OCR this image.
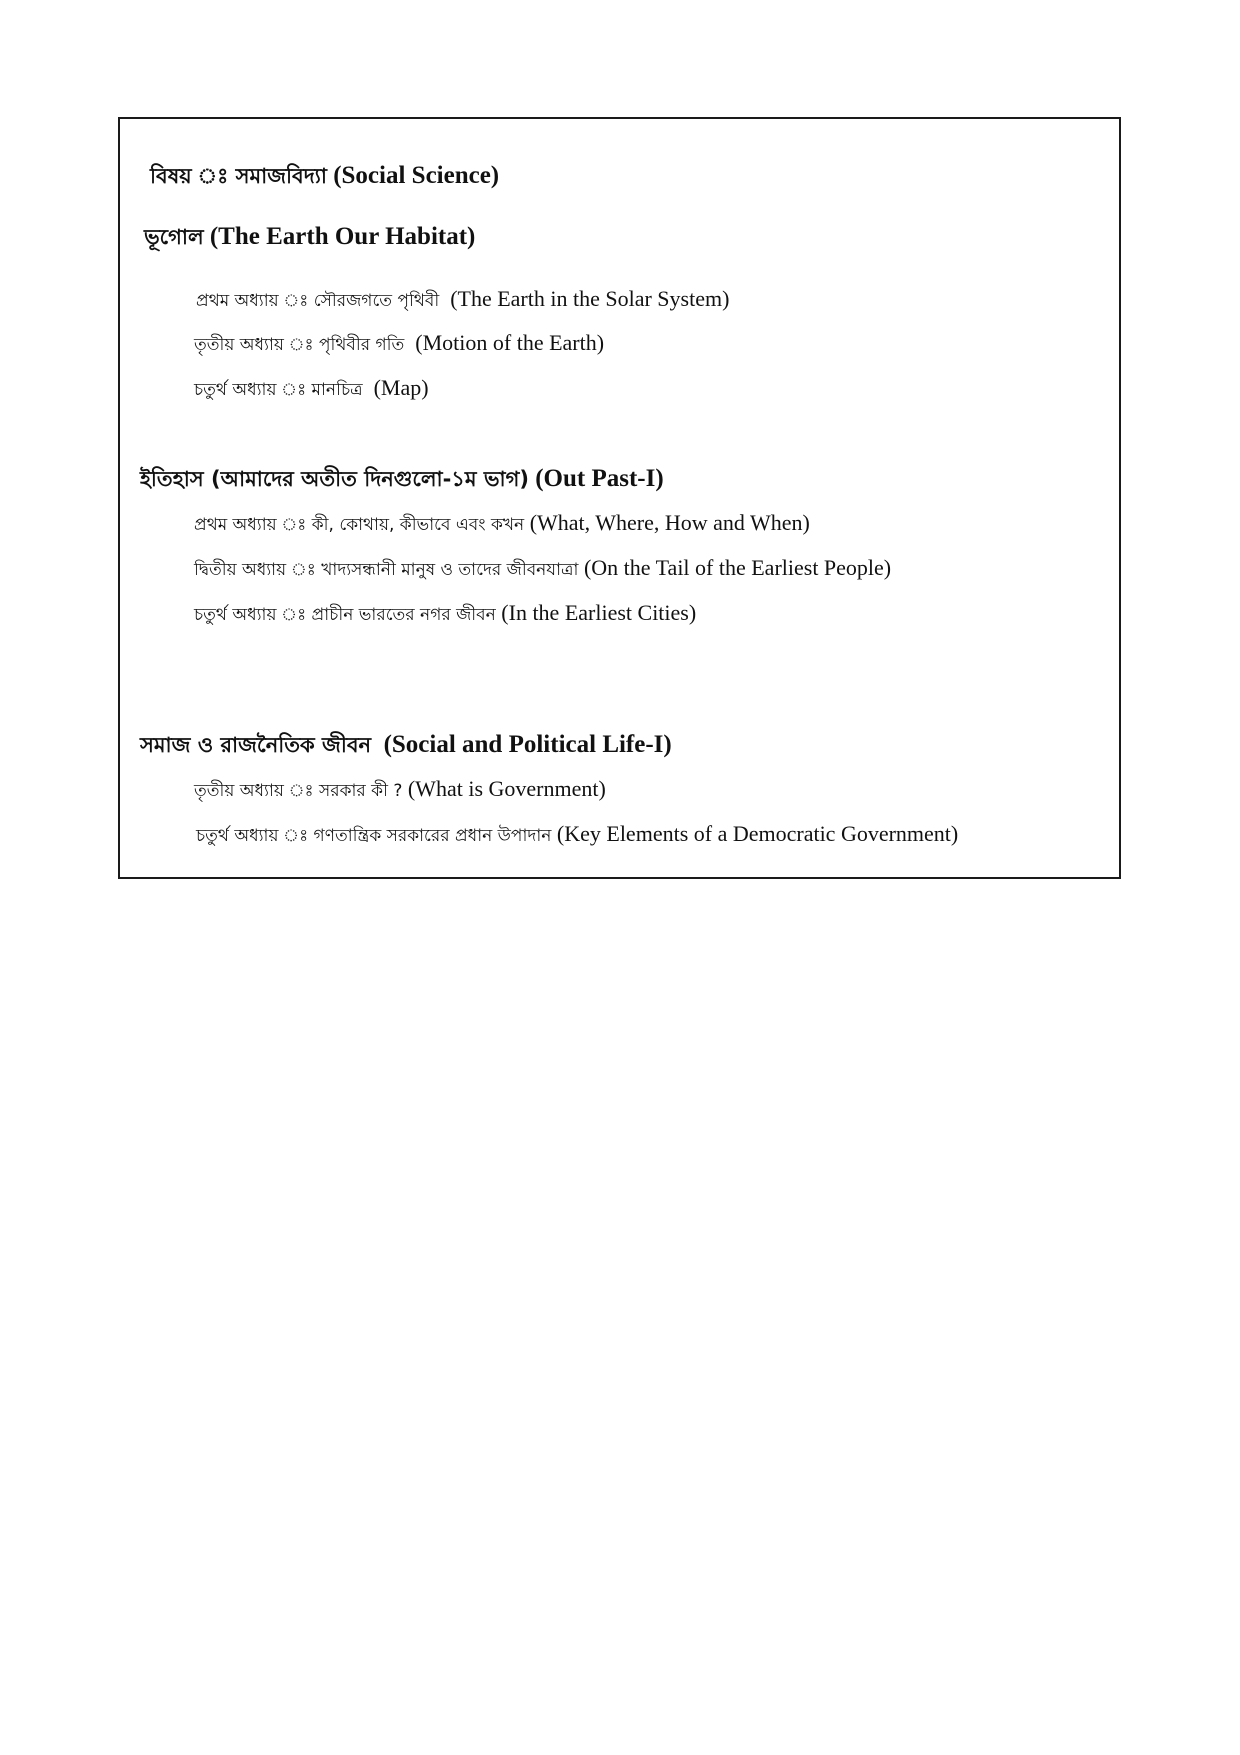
বিষয় ঃ সমাজবিদ্যা (Social Science)
ভূগোল (The Earth Our Habitat)
প্রথম অধ্যায় ঃ সৌরজগতে পৃথিবী (The Earth in the Solar System)
তৃতীয় অধ্যায় ঃ পৃথিবীর গতি (Motion of the Earth)
চতুর্থ অধ্যায় ঃ মানচিত্র (Map)
ইতিহাস (আমাদের অতীত দিনগুলো-১ম ভাগ) (Out Past-I)
প্রথম অধ্যায় ঃ কী, কোথায়, কীভাবে এবং কখন (What, Where, How and When)
দ্বিতীয় অধ্যায় ঃ খাদ্যসন্ধানী মানুষ ও তাদের জীবনযাত্রা (On the Tail of the Earliest People)
চতুর্থ অধ্যায় ঃ প্রাচীন ভারতের নগর জীবন (In the Earliest Cities)
সমাজ ও রাজনৈতিক জীবন (Social and Political Life-I)
তৃতীয় অধ্যায় ঃ সরকার কী ? (What is Government)
চতুর্থ অধ্যায় ঃ গণতান্ত্রিক সরকারের প্রধান উপাদান (Key Elements of a Democratic Government)
